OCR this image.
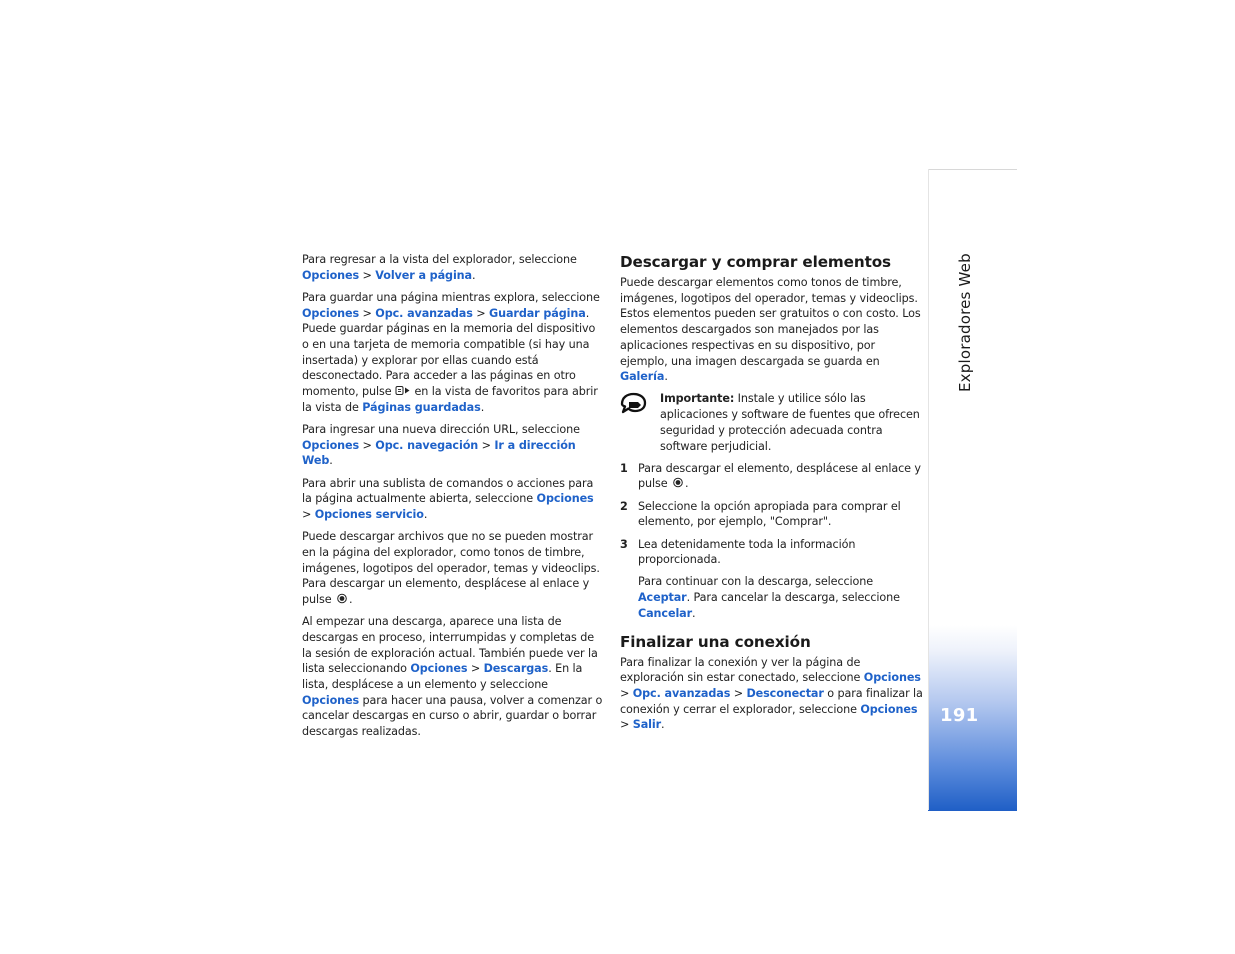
Para regresar a la vista del explorador, seleccione Opciones > Volver a página.

Para guardar una página mientras explora, seleccione Opciones > Opc. avanzadas > Guardar página. Puede guardar páginas en la memoria del dispositivo o en una tarjeta de memoria compatible (si hay una insertada) y explorar por ellas cuando está desconectado. Para acceder a las páginas en otro momento, pulse  en la vista de favoritos para abrir la vista de Páginas guardadas.

Para ingresar una nueva dirección URL, seleccione Opciones > Opc. navegación > Ir a dirección Web.

Para abrir una sublista de comandos o acciones para la página actualmente abierta, seleccione Opciones > Opciones servicio.

Puede descargar archivos que no se pueden mostrar en la página del explorador, como tonos de timbre, imágenes, logotipos del operador, temas y videoclips. Para descargar un elemento, desplácese al enlace y pulse .

Al empezar una descarga, aparece una lista de descargas en proceso, interrumpidas y completas de la sesión de exploración actual. También puede ver la lista seleccionando Opciones > Descargas. En la lista, desplácese a un elemento y seleccione Opciones para hacer una pausa, volver a comenzar o cancelar descargas en curso o abrir, guardar o borrar descargas realizadas.

Descargar y comprar elementos

Puede descargar elementos como tonos de timbre, imágenes, logotipos del operador, temas y videoclips. Estos elementos pueden ser gratuitos o con costo. Los elementos descargados son manejados por las aplicaciones respectivas en su dispositivo, por ejemplo, una imagen descargada se guarda en Galería.

Importante: Instale y utilice sólo las aplicaciones y software de fuentes que ofrecen seguridad y protección adecuada contra software perjudicial.
1 Para descargar el elemento, desplácese al enlace y pulse .
2 Seleccione la opción apropiada para comprar el elemento, por ejemplo, "Comprar".
3 Lea detenidamente toda la información proporcionada.

Para continuar con la descarga, seleccione Aceptar. Para cancelar la descarga, seleccione Cancelar.

Finalizar una conexión

Para finalizar la conexión y ver la página de exploración sin estar conectado, seleccione Opciones > Opc. avanzadas > Desconectar o para finalizar la conexión y cerrar el explorador, seleccione Opciones > Salir.

Exploradores Web
191
